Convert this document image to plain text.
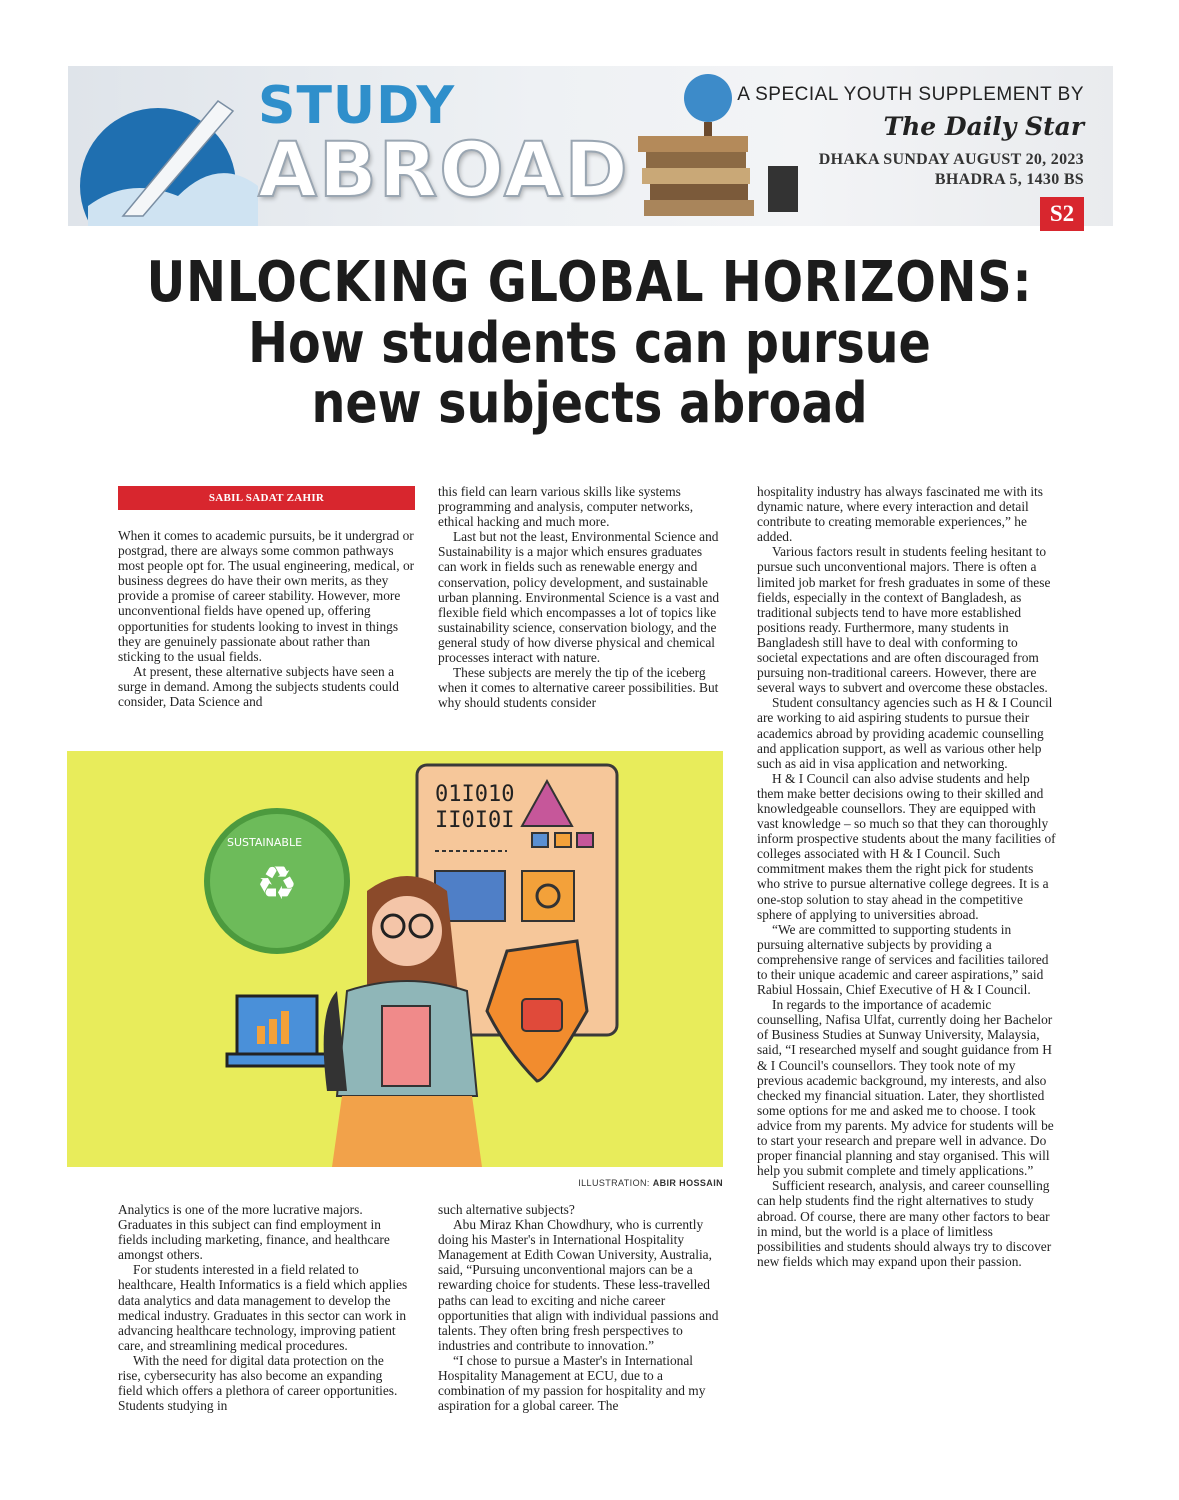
STUDY
ABROAD
A SPECIAL YOUTH SUPPLEMENT BY
The Daily Star
DHAKA SUNDAY AUGUST 20, 2023
BHADRA 5, 1430 BS
S2
UNLOCKING GLOBAL HORIZONS:
How students can pursue
new subjects abroad
SABIL SADAT ZAHIR

When it comes to academic pursuits, be it undergrad or postgrad, there are always some common pathways most people opt for. The usual engineering, medical, or business degrees do have their own merits, as they provide a promise of career stability. However, more unconventional fields have opened up, offering opportunities for students looking to invest in things they are genuinely passionate about rather than sticking to the usual fields.

At present, these alternative subjects have seen a surge in demand. Among the subjects students could consider, Data Science and

this field can learn various skills like systems programming and analysis, computer networks, ethical hacking and much more.

Last but not the least, Environmental Science and Sustainability is a major which ensures graduates can work in fields such as renewable energy and conservation, policy development, and sustainable urban planning. Environmental Science is a vast and flexible field which encompasses a lot of topics like sustainability science, conservation biology, and the general study of how diverse physical and chemical processes interact with nature.

These subjects are merely the tip of the iceberg when it comes to alternative career possibilities. But why should students consider

01I010
II0I0I
SUSTAINABLE
♻
ILLUSTRATION: ABIR HOSSAIN

Analytics is one of the more lucrative majors. Graduates in this subject can find employment in fields including marketing, finance, and healthcare amongst others.

For students interested in a field related to healthcare, Health Informatics is a field which applies data analytics and data management to develop the medical industry. Graduates in this sector can work in advancing healthcare technology, improving patient care, and streamlining medical procedures.

With the need for digital data protection on the rise, cybersecurity has also become an expanding field which offers a plethora of career opportunities. Students studying in

such alternative subjects?

Abu Miraz Khan Chowdhury, who is currently doing his Master's in International Hospitality Management at Edith Cowan University, Australia, said, “Pursuing unconventional majors can be a rewarding choice for students. These less-travelled paths can lead to exciting and niche career opportunities that align with individual passions and talents. They often bring fresh perspectives to industries and contribute to innovation.”

“I chose to pursue a Master's in International Hospitality Management at ECU, due to a combination of my passion for hospitality and my aspiration for a global career. The

hospitality industry has always fascinated me with its dynamic nature, where every interaction and detail contribute to creating memorable experiences,” he added.

Various factors result in students feeling hesitant to pursue such unconventional majors. There is often a limited job market for fresh graduates in some of these fields, especially in the context of Bangladesh, as traditional subjects tend to have more established positions ready. Furthermore, many students in Bangladesh still have to deal with conforming to societal expectations and are often discouraged from pursuing non-traditional careers. However, there are several ways to subvert and overcome these obstacles.

Student consultancy agencies such as H & I Council are working to aid aspiring students to pursue their academics abroad by providing academic counselling and application support, as well as various other help such as aid in visa application and networking.

H & I Council can also advise students and help them make better decisions owing to their skilled and knowledgeable counsellors. They are equipped with vast knowledge – so much so that they can thoroughly inform prospective students about the many facilities of colleges associated with H & I Council. Such commitment makes them the right pick for students who strive to pursue alternative college degrees. It is a one-stop solution to stay ahead in the competitive sphere of applying to universities abroad.

“We are committed to supporting students in pursuing alternative subjects by providing a comprehensive range of services and facilities tailored to their unique academic and career aspirations,” said Rabiul Hossain, Chief Executive of H & I Council.

In regards to the importance of academic counselling, Nafisa Ulfat, currently doing her Bachelor of Business Studies at Sunway University, Malaysia, said, “I researched myself and sought guidance from H & I Council's counsellors. They took note of my previous academic background, my interests, and also checked my financial situation. Later, they shortlisted some options for me and asked me to choose. I took advice from my parents. My advice for students will be to start your research and prepare well in advance. Do proper financial planning and stay organised. This will help you submit complete and timely applications.”

Sufficient research, analysis, and career counselling can help students find the right alternatives to study abroad. Of course, there are many other factors to bear in mind, but the world is a place of limitless possibilities and students should always try to discover new fields which may expand upon their passion.
